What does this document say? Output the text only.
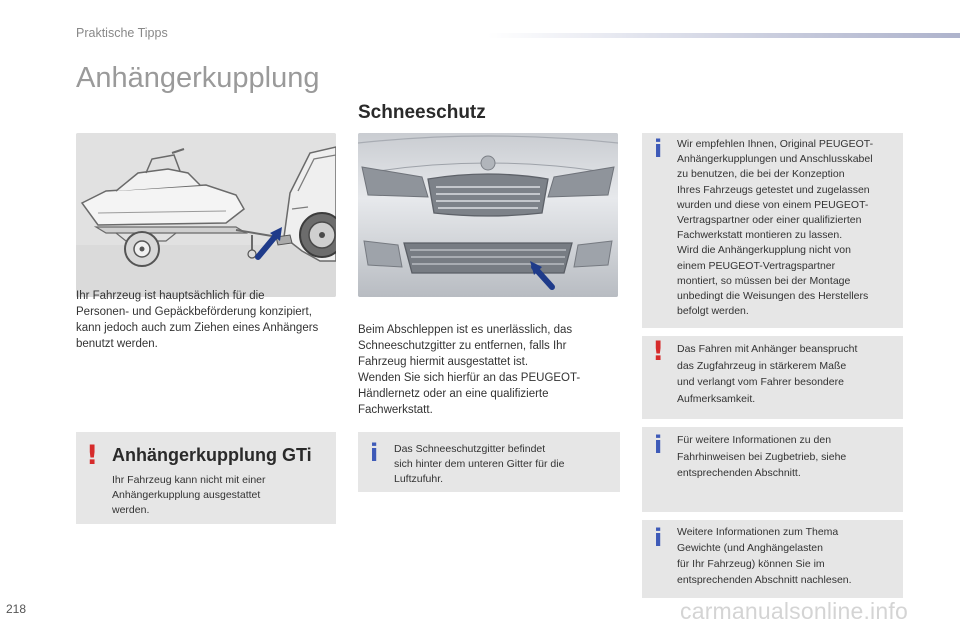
Praktische Tipps
Anhängerkupplung

Ihr Fahrzeug ist hauptsächlich für die

Personen- und Gepäckbeförderung konzipiert,

kann jedoch auch zum Ziehen eines Anhängers

benutzt werden.

! Anhängerkupplung GTi

Ihr Fahrzeug kann nicht mit einer

Anhängerkupplung ausgestattet

werden.

Schneeschutz

Beim Abschleppen ist es unerlässlich, das

Schneeschutzgitter zu entfernen, falls Ihr

Fahrzeug hiermit ausgestattet ist.

Wenden Sie sich hierfür an das PEUGEOT-

Händlernetz oder an eine qualifizierte

Fachwerkstatt.

i Das Schneeschutzgitter befindet

sich hinter dem unteren Gitter für die

Luftzufuhr.

i Wir empfehlen Ihnen, Original PEUGEOT-

Anhängerkupplungen und Anschlusskabel

zu benutzen, die bei der Konzeption

Ihres Fahrzeugs getestet und zugelassen

wurden und diese von einem PEUGEOT-

Vertragspartner oder einer qualifizierten

Fachwerkstatt montieren zu lassen.

Wird die Anhängerkupplung nicht von

einem PEUGEOT-Vertragspartner

montiert, so müssen bei der Montage

unbedingt die Weisungen des Herstellers

befolgt werden.

! Das Fahren mit Anhänger beansprucht

das Zugfahrzeug in stärkerem Maße

und verlangt vom Fahrer besondere

Aufmerksamkeit.

i Für weitere Informationen zu den

Fahrhinweisen bei Zugbetrieb, siehe

entsprechenden Abschnitt.

i Weitere Informationen zum Thema

Gewichte (und Anghängelasten

für Ihr Fahrzeug) können Sie im

entsprechenden Abschnitt nachlesen.

218	carmanualsonline.info
